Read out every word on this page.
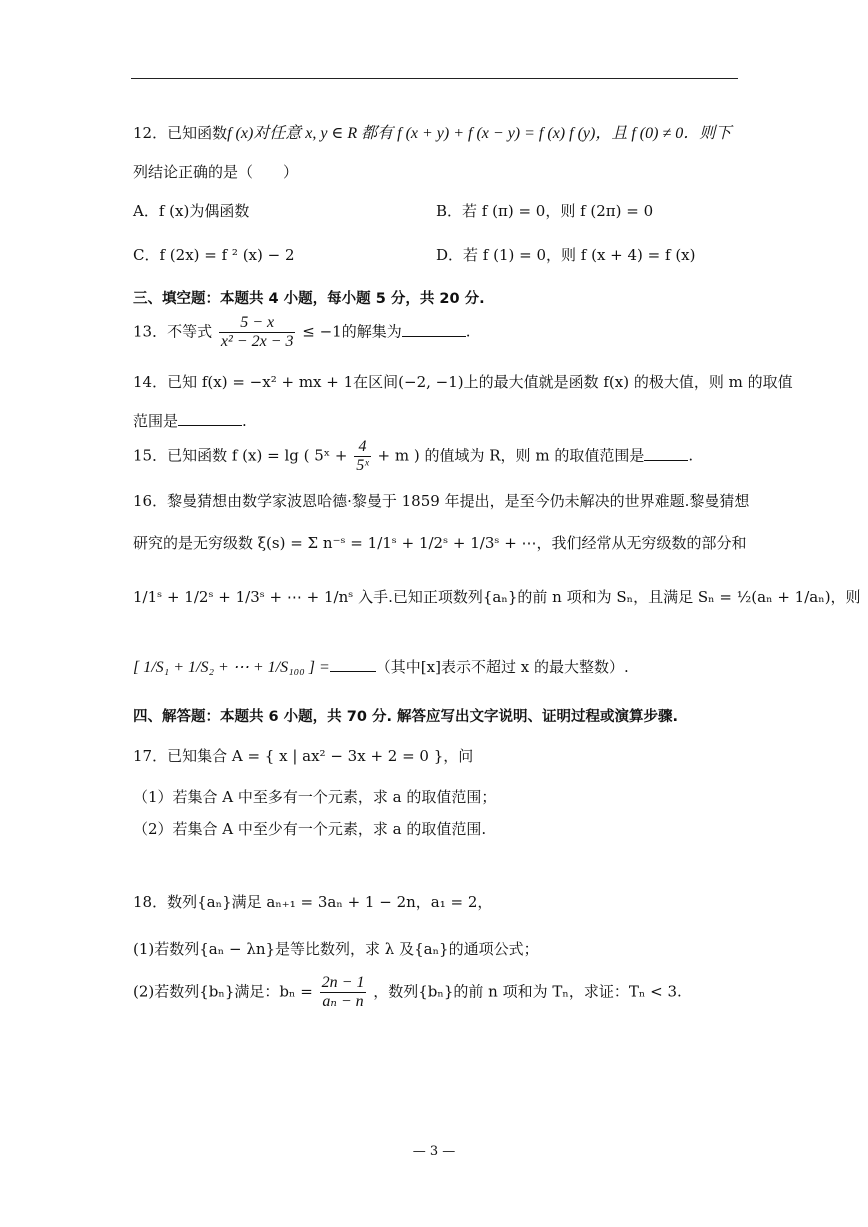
12．已知函数f (x)对任意 x, y ∈ R 都有 f (x + y) + f (x − y) = f (x) f (y)，且 f (0) ≠ 0．则下
列结论正确的是（　　）
A．f (x)为偶函数	B．若 f (π) = 0，则 f (2π) = 0
C．f (2x) = f ² (x) − 2	D．若 f (1) = 0，则 f (x + 4) = f (x)
三、填空题：本题共 4 小题，每小题 5 分，共 20 分.
13．不等式 $\frac{5 - x}{\text{x² − 2x − 3}} \le -1$的解集为	.
14．已知 f(x) = −x² + mx + 1在区间(−2, −1)上的最大值就是函数 f(x) 的极大值，则 m 的取值
范围是	.
15．已知函数 f (x) = lg ( 5ˣ + $\frac{4}{\text{5ˣ}} + m$ ) 的值域为 R，则 m 的取值范围是	.
16．黎曼猜想由数学家波恩哈德·黎曼于 1859 年提出，是至今仍未解决的世界难题.黎曼猜想
研究的是无穷级数 ξ(s) = Σ n⁻ˢ = 1/1ˢ + 1/2ˢ + 1/3ˢ + ⋯，我们经常从无穷级数的部分和
1/1ˢ + 1/2ˢ + 1/3ˢ + ⋯ + 1/nˢ 入手.已知正项数列{aₙ}的前 n 项和为 Sₙ，且满足 Sₙ = ½(aₙ + 1/aₙ)，则
[ 1/S₁ + 1/S₂ + ⋯ + 1/S₁₀₀ ] =	（其中[x]表示不超过 x 的最大整数）.
四、解答题：本题共 6 小题，共 70 分. 解答应写出文字说明、证明过程或演算步骤.
17．已知集合 A = { x | ax² − 3x + 2 = 0 }，问
（1）若集合 A 中至多有一个元素，求 a 的取值范围；
（2）若集合 A 中至少有一个元素，求 a 的取值范围.
18．数列{aₙ}满足 aₙ₊₁ = 3aₙ + 1 − 2n，a₁ = 2，
(1)若数列{aₙ − λn}是等比数列，求 λ 及{aₙ}的通项公式；
(2)若数列{bₙ}满足：$b_n = \frac{2n - 1}{\text{aₙ − n}}$ ，数列{bₙ}的前 n 项和为 Tₙ，求证：Tₙ < 3.
— 3 —
